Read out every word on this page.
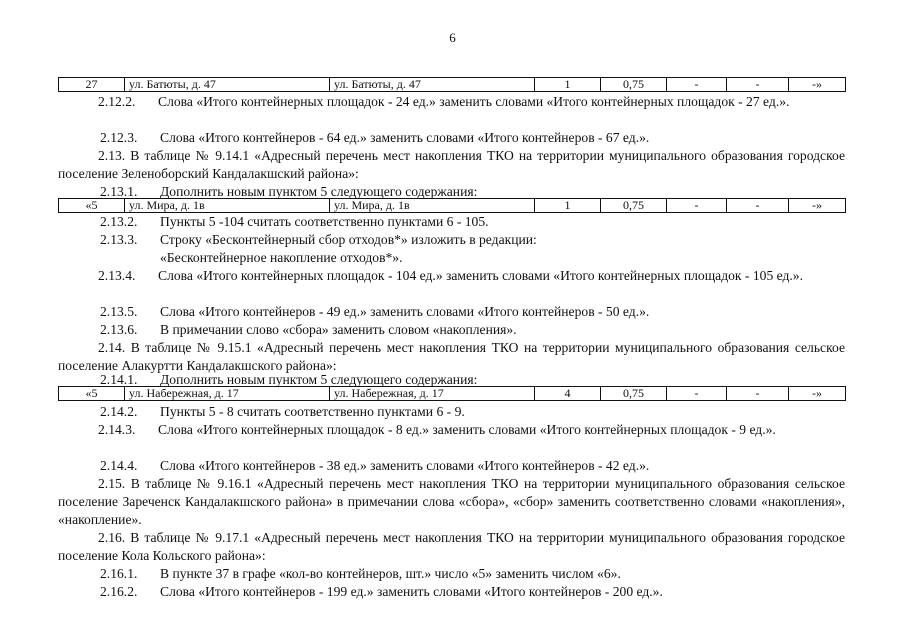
6
27	ул. Батюты, д. 47	ул. Батюты, д. 47	1	0,75	-	-	-»
2.12.2. Слова «Итого контейнерных площадок - 24 ед.» заменить словами «Итого контейнерных площадок - 27 ед.».
2.12.3. Слова «Итого контейнеров - 64 ед.» заменить словами «Итого контейнеров - 67 ед.».
2.13. В таблице № 9.14.1 «Адресный перечень мест накопления ТКО на территории муниципального образования городское поселение Зеленоборский Кандалакшский района»:
2.13.1. Дополнить новым пунктом 5 следующего содержания:
«5	ул. Мира, д. 1в	ул. Мира, д. 1в	1	0,75	-	-	-»
2.13.2. Пункты 5 -104 считать соответственно пунктами 6 - 105.
2.13.3. Строку «Бесконтейнерный сбор отходов*» изложить в редакции:
«Бесконтейнерное накопление отходов*».
2.13.4. Слова «Итого контейнерных площадок - 104 ед.» заменить словами «Итого контейнерных площадок - 105 ед.».
2.13.5. Слова «Итого контейнеров - 49 ед.» заменить словами «Итого контейнеров - 50 ед.».
2.13.6. В примечании слово «сбора» заменить словом «накопления».
2.14. В таблице № 9.15.1 «Адресный перечень мест накопления ТКО на территории муниципального образования сельское поселение Алакуртти Кандалакшского района»:
2.14.1. Дополнить новым пунктом 5 следующего содержания:
«5	ул. Набережная, д. 17	ул. Набережная, д. 17	4	0,75	-	-	-»
2.14.2. Пункты 5 - 8 считать соответственно пунктами 6 - 9.
2.14.3. Слова «Итого контейнерных площадок - 8 ед.» заменить словами «Итого контейнерных площадок - 9 ед.».
2.14.4. Слова «Итого контейнеров - 38 ед.» заменить словами «Итого контейнеров - 42 ед.».
2.15. В таблице № 9.16.1 «Адресный перечень мест накопления ТКО на территории муниципального образования сельское поселение Зареченск Кандалакшского района» в примечании слова «сбора», «сбор» заменить соответственно словами «накопления», «накопление».
2.16. В таблице № 9.17.1 «Адресный перечень мест накопления ТКО на территории муниципального образования городское поселение Кола Кольского района»:
2.16.1. В пункте 37 в графе «кол-во контейнеров, шт.» число «5» заменить числом «6».
2.16.2. Слова «Итого контейнеров - 199 ед.» заменить словами «Итого контейнеров - 200 ед.».
